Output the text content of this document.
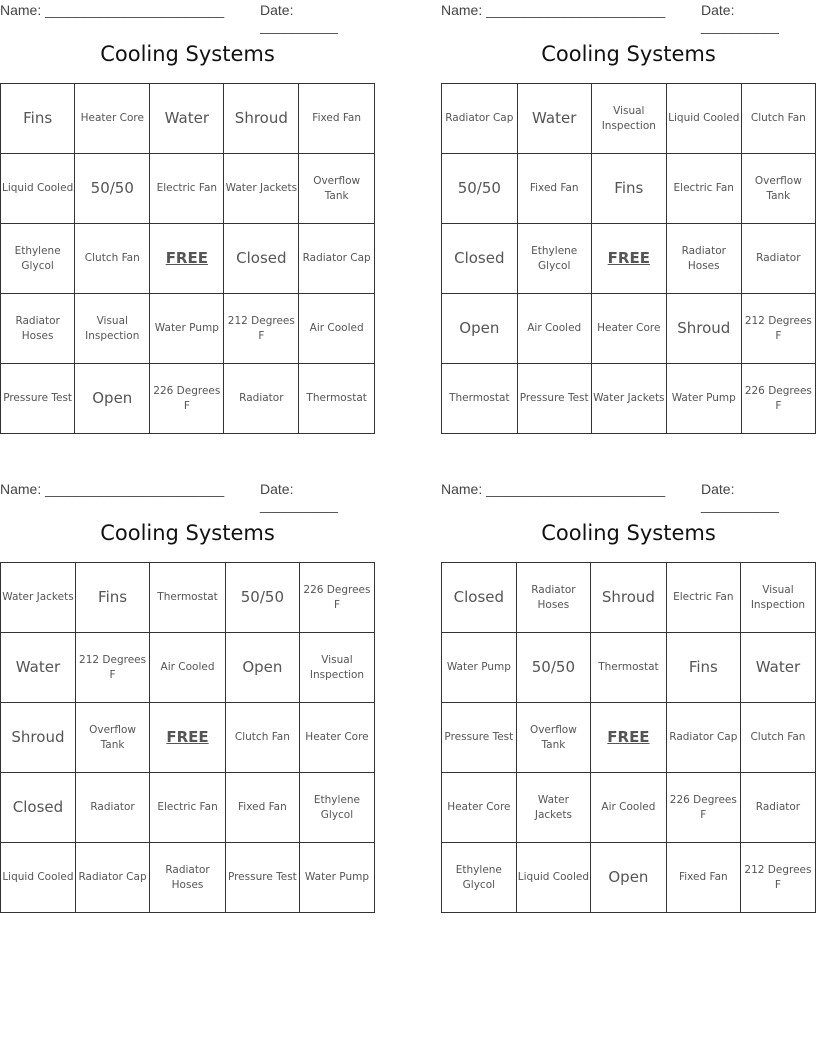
Name: _______________________	Date: __________
Cooling Systems
Fins	Heater Core	Water	Shroud	Fixed Fan
Liquid Cooled	50/50	Electric Fan	Water Jackets	Overflow Tank
Ethylene Glycol	Clutch Fan	FREE	Closed	Radiator Cap
Radiator Hoses	Visual Inspection	Water Pump	212 Degrees F	Air Cooled
Pressure Test	Open	226 Degrees F	Radiator	Thermostat
Name: _______________________	Date: __________
Cooling Systems
Radiator Cap	Water	Visual Inspection	Liquid Cooled	Clutch Fan
50/50	Fixed Fan	Fins	Electric Fan	Overflow Tank
Closed	Ethylene Glycol	FREE	Radiator Hoses	Radiator
Open	Air Cooled	Heater Core	Shroud	212 Degrees F
Thermostat	Pressure Test	Water Jackets	Water Pump	226 Degrees F
Name: _______________________	Date: __________
Cooling Systems
Water Jackets	Fins	Thermostat	50/50	226 Degrees F
Water	212 Degrees F	Air Cooled	Open	Visual Inspection
Shroud	Overflow Tank	FREE	Clutch Fan	Heater Core
Closed	Radiator	Electric Fan	Fixed Fan	Ethylene Glycol
Liquid Cooled	Radiator Cap	Radiator Hoses	Pressure Test	Water Pump
Name: _______________________	Date: __________
Cooling Systems
Closed	Radiator Hoses	Shroud	Electric Fan	Visual Inspection
Water Pump	50/50	Thermostat	Fins	Water
Pressure Test	Overflow Tank	FREE	Radiator Cap	Clutch Fan
Heater Core	Water Jackets	Air Cooled	226 Degrees F	Radiator
Ethylene Glycol	Liquid Cooled	Open	Fixed Fan	212 Degrees F
